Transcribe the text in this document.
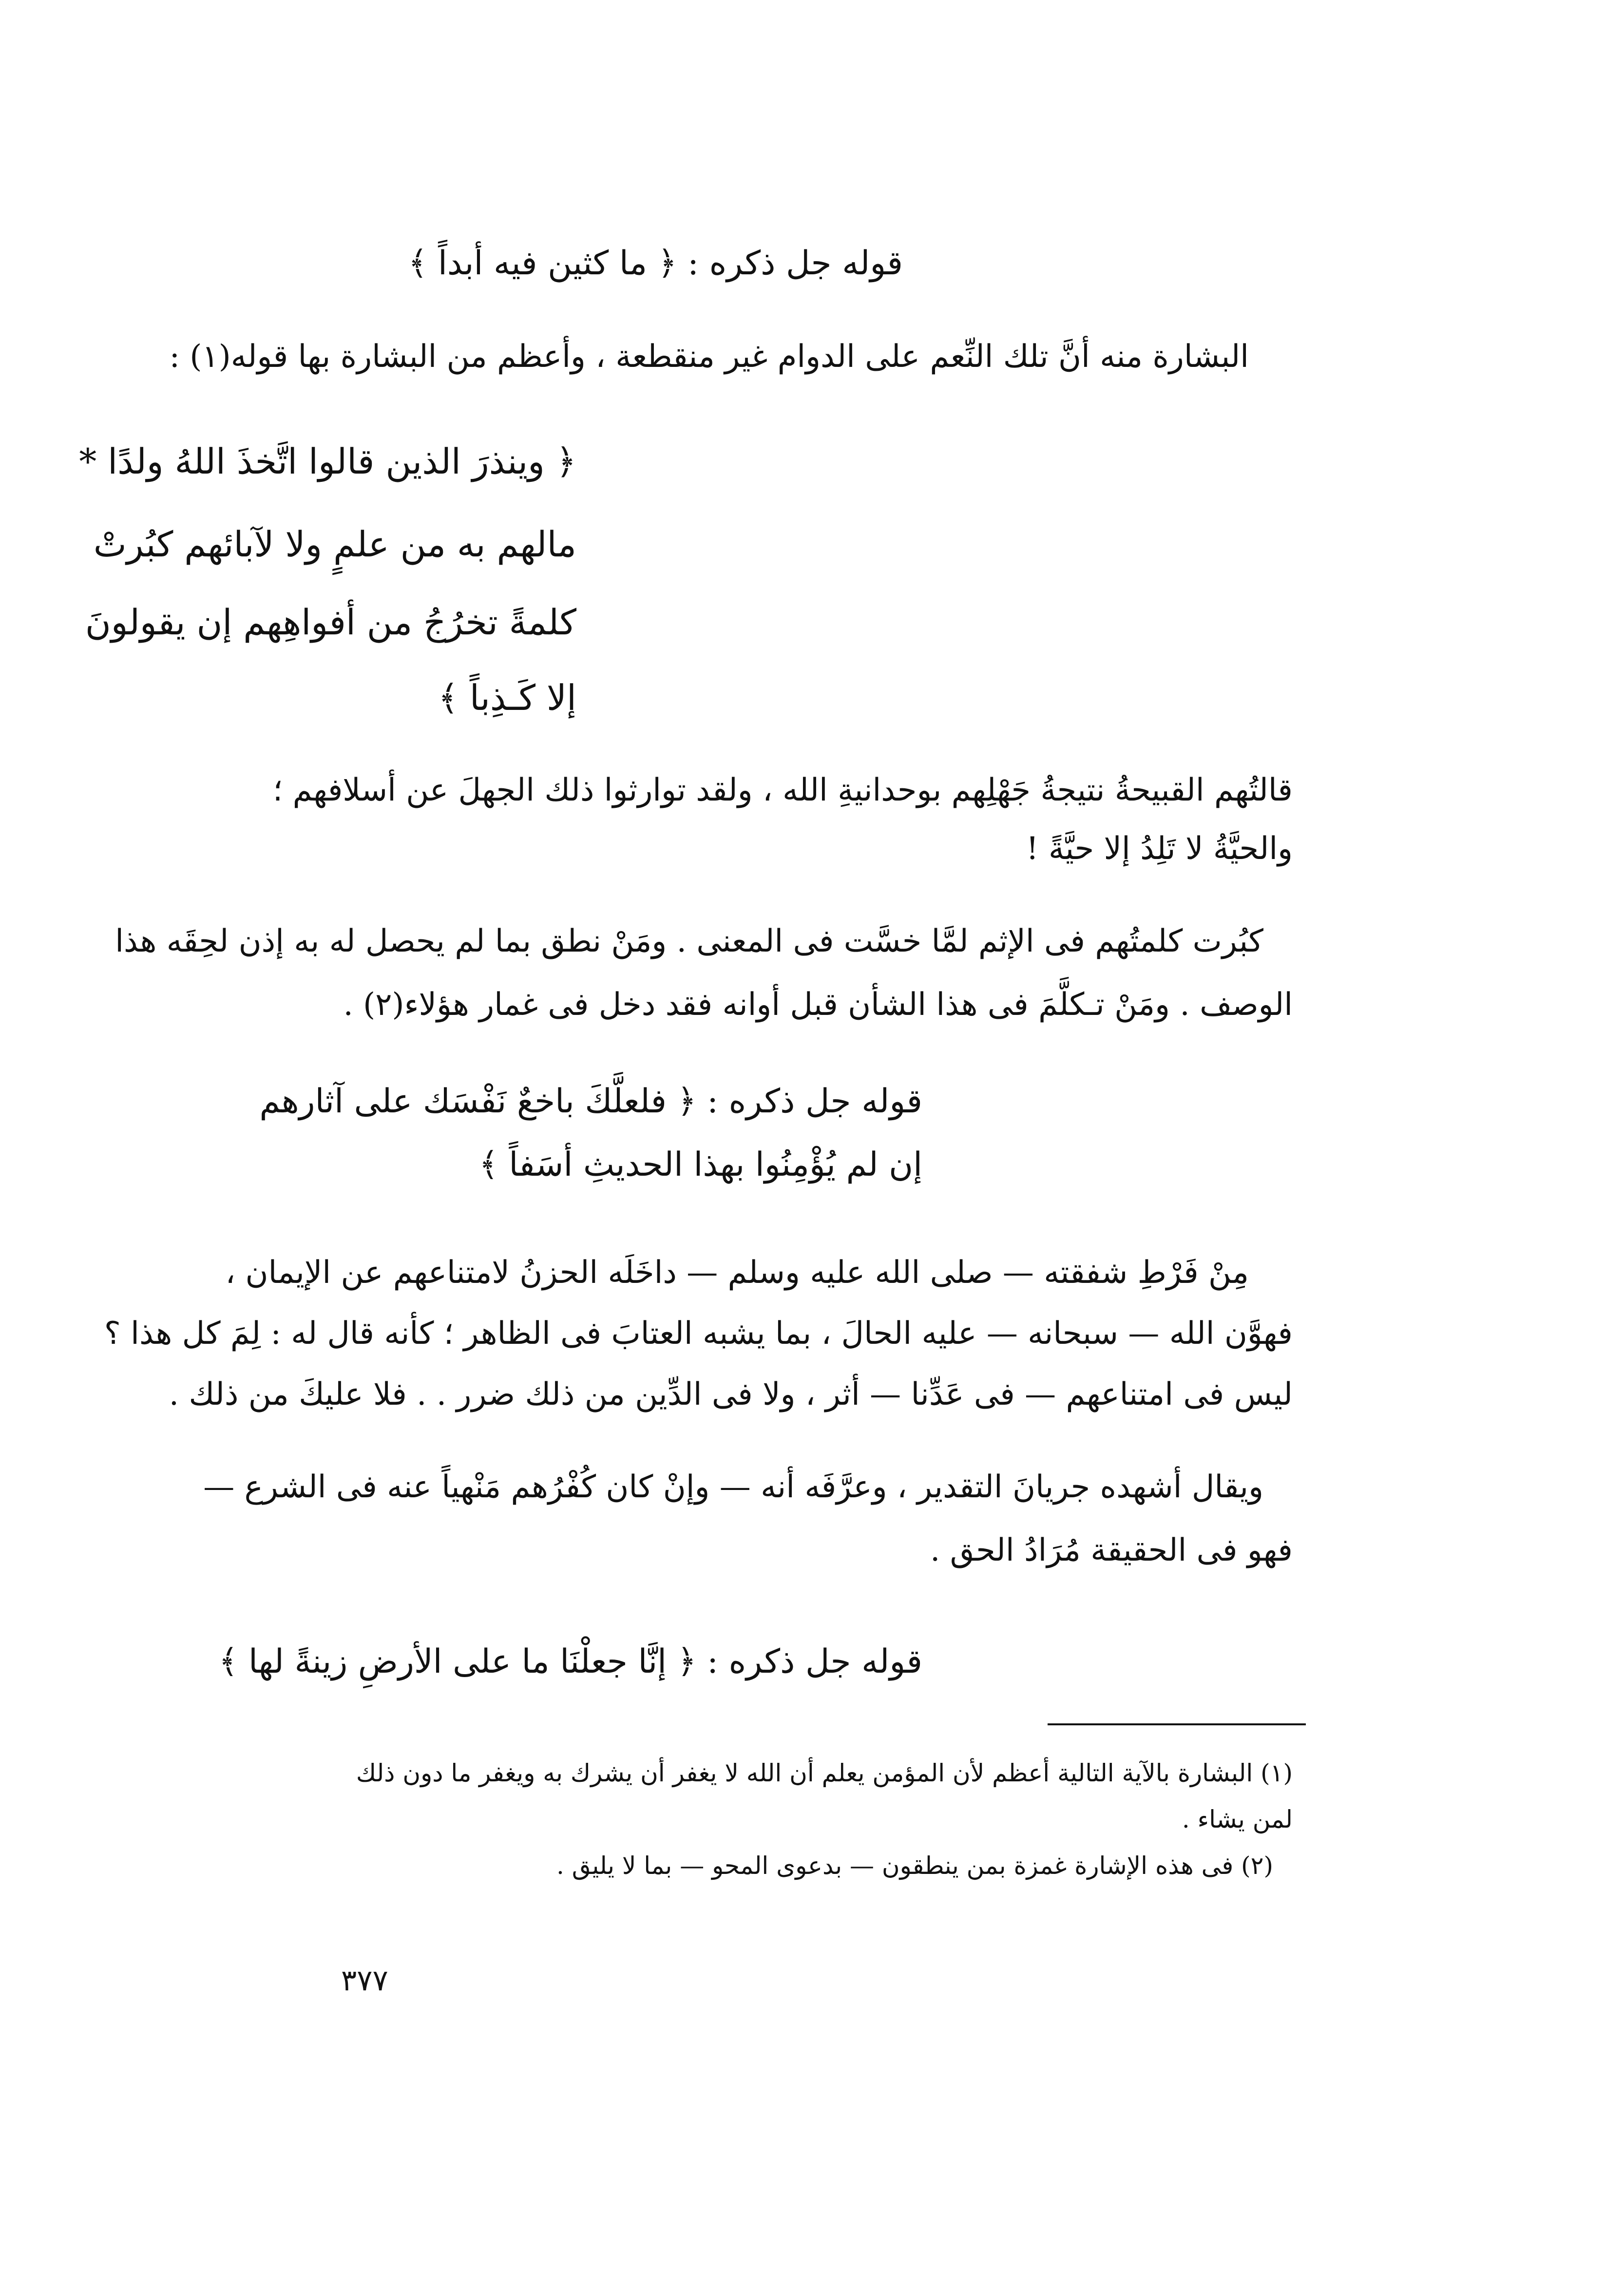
قوله جل ذكره : ﴿ ما كثين فيه أبداً ﴾
البشارة منه أنَّ تلك النِّعم على الدوام غير منقطعة ، وأعظم من البشارة بها قوله(١) :
﴿ وينذرَ الذين قالوا اتَّخذَ اللهُ ولدًا *
مالهم به من علمٍ ولا لآبائهم كبُرتْ
كلمةً تخرُجُ من أفواهِهم إن يقولونَ
إلا كَـذِباً ﴾
قالتُهم القبيحةُ نتيجةُ جَهْلِهم بوحدانيةِ الله ، ولقد توارثوا ذلك الجهلَ عن أسلافهم ؛
والحيَّةُ لا تَلِدُ إلا حيَّةً !
كبُرت كلمتُهم فى الإثم لمَّا خسَّت فى المعنى . ومَنْ نطق بما لم يحصل له به إذن لحِقَه هذا
الوصف . ومَنْ تـكلَّمَ فى هذا الشأن قبل أوانه فقد دخل فى غمار هؤلاء(٢) .
قوله جل ذكره : ﴿ فلعلَّكَ باخعٌ نَفْسَك على آثارهم
إن لم يُؤْمِنُوا بهذا الحديثِ أسَفاً ﴾
مِنْ فَرْطِ شفقته — صلى الله عليه وسلم — داخَلَه الحزنُ لامتناعهم عن الإيمان ،
فهوَّن الله — سبحانه — عليه الحالَ ، بما يشبه العتابَ فى الظاهر ؛ كأنه قال له : لِمَ كل هذا ؟
ليس فى امتناعهم — فى عَدِّنا — أثر ، ولا فى الدِّين من ذلك ضرر . . فلا عليكَ من ذلك .
ويقال أشهده جريانَ التقدير ، وعرَّفَه أنه — وإنْ كان كُفْرُهم مَنْهياً عنه فى الشرع —
فهو فى الحقيقة مُرَادُ الحق .
قوله جل ذكره : ﴿ إنَّا جعلْنَا ما على الأرضِ زينةً لها ﴾
(١) البشارة بالآية التالية أعظم لأن المؤمن يعلم أن الله لا يغفر أن يشرك به ويغفر ما دون ذلك
لمن يشاء .
(٢) فى هذه الإشارة غمزة بمن ينطقون — بدعوى المحو — بما لا يليق .
٣٧٧
